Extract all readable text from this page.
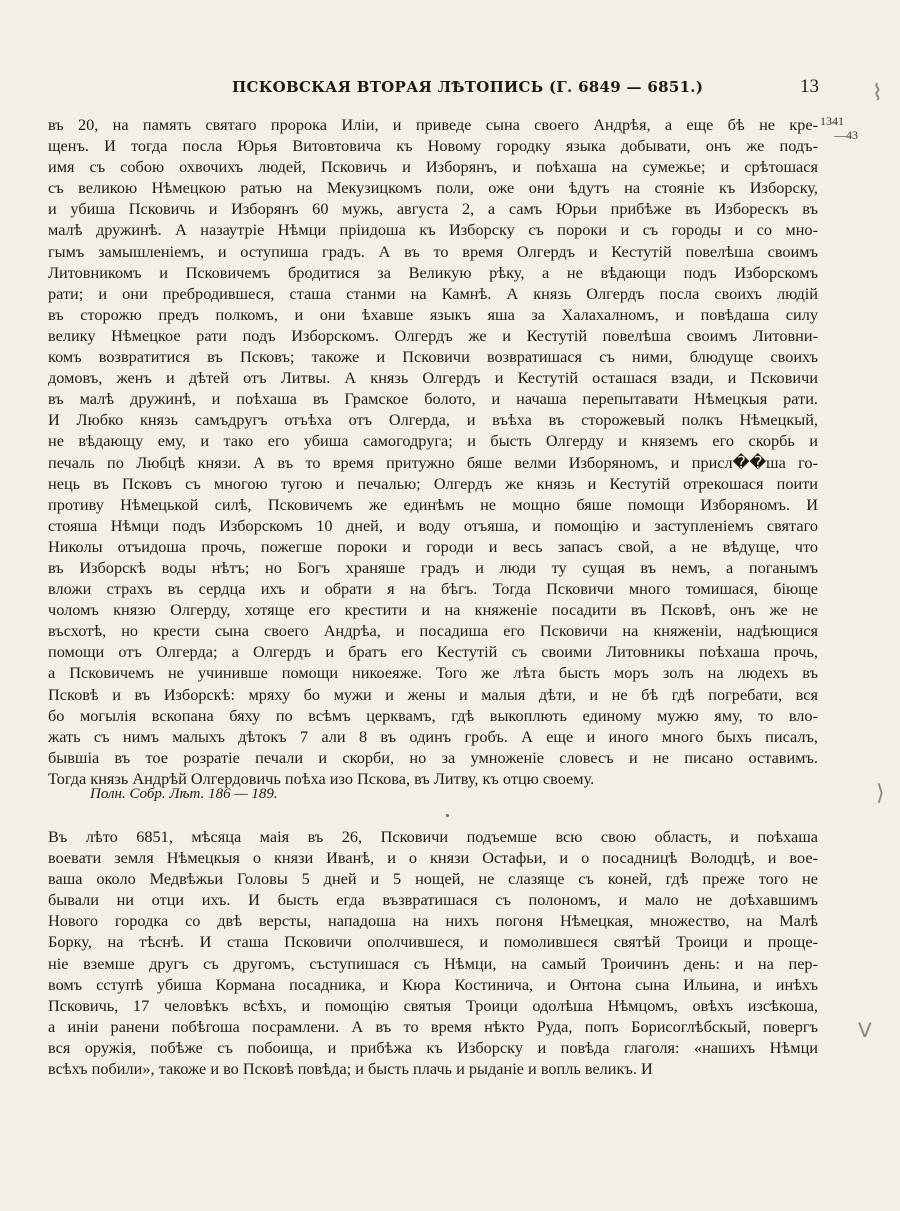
ПСКОВСКАЯ ВТОРАЯ ЛѢТОПИСЬ (Г. 6849 — 6851.)	13
1341
—43
въ 20, на память святаго пророка Иліи, и приведе сына своего Андрѣя, а еще бѣ не кре-
щенъ. И тогда посла Юрья Витовтовича къ Новому городку языка добывати, онъ же подъ-
имя съ собою охвочихъ людей, Псковичь и Изборянъ, и поѣхаша на сумежье; и срѣтошася
съ великою Нѣмецкою ратью на Мекузицкомъ поли, оже они ѣдутъ на стояніе къ Изборску,
и убиша Псковичь и Изборянъ 60 мужь, августа 2, а самъ Юрьи прибѣже въ Изборескъ въ
малѣ дружинѣ. А назаутріе Нѣмци пріидоша къ Изборску съ пороки и съ городы и со мно-
гымъ замышленіемъ, и оступиша градъ. А въ то время Олгердъ и Кестутій повелѣша своимъ
Литовникомъ и Псковичемъ бродитися за Великую рѣку, а не вѣдающи подъ Изборскомъ
рати; и они пребродившеся, сташа станми на Камнѣ. А князь Олгердъ посла своихъ людій
въ сторожю предъ полкомъ, и они ѣхавше языкъ яша за Халахалномъ, и повѣдаша силу
велику Нѣмецкое рати подъ Изборскомъ. Олгердъ же и Кестутій повелѣша своимъ Литовни-
комъ возвратитися въ Псковъ; такоже и Псковичи возвратишася съ ними, блюдуще своихъ
домовъ, женъ и дѣтей отъ Литвы. А князь Олгердъ и Кестутій осташася взади, и Псковичи
въ малѣ дружинѣ, и поѣхаша въ Грамское болото, и начаша перепытавати Нѣмецкыя рати.
И Любко князь самъдругъ отъѣха отъ Олгерда, и въѣха въ сторожевый полкъ Нѣмецкый,
не вѣдающу ему, и тако его убиша самогодруга; и бысть Олгерду и княземъ его скорбь и
печаль по Любцѣ князи. А въ то время притужно бяше велми Изборяномъ, и присл��ша го-
нець въ Псковъ съ многою тугою и печалью; Олгердъ же князь и Кестутій отрекошася поити
противу Нѣмецькой силѣ, Псковичемъ же единѣмъ не мощно бяше помощи Изборяномъ. И
стояша Нѣмци подъ Изборскомъ 10 дней, и воду отъяша, и помощію и заступленіемъ святаго
Николы отъидоша прочь, пожегше пороки и городи и весь запасъ свой, а не вѣдуще, что
въ Изборскѣ воды нѣтъ; но Богъ храняше градъ и люди ту сущая въ немъ, а поганымъ
вложи страхъ въ сердца ихъ и обрати я на бѣгъ. Тогда Псковичи много томишася, біюще
чоломъ князю Олгерду, хотяще его крестити и на княженіе посадити въ Псковѣ, онъ же не
въсхотѣ, но крести сына своего Андрѣа, и посадиша его Псковичи на княженіи, надѣющися
помощи отъ Олгерда; а Олгердъ и братъ его Кестутій съ своими Литовникы поѣхаша прочь,
а Псковичемъ не учинивше помощи никоеяже. Того же лѣта бысть моръ золъ на людехъ въ
Псковѣ и въ Изборскѣ: мряху бо мужи и жены и малыя дѣти, и не бѣ гдѣ погребати, вся
бо могылія вскопана бяху по всѣмъ церквамъ, гдѣ выкоплють единому мужю яму, то вло-
жать съ нимъ малыхъ дѣтокъ 7 али 8 въ одинъ гробъ. А еще и иного много быхъ писалъ,
бывшіа въ тое розратіе печали и скорби, но за умноженіе словесъ и не писано оставимъ.
Тогда князь Андрѣй Олгердовичь поѣха изо Пскова, въ Литву, къ отцю своему.
Полн. Собр. Лѣт. 186 — 189.
Въ лѣто 6851, мѣсяца маія въ 26, Псковичи подъемше всю свою область, и поѣхаша
воевати земля Нѣмецкыя о князи Иванѣ, и о князи Остафьи, и о посадницѣ Володцѣ, и вое-
ваша около Медвѣжьи Головы 5 дней и 5 нощей, не слазяще съ коней, гдѣ преже того не
бывали ни отци ихъ. И бысть егда възвратишася съ полономъ, и мало не доѣхавшимъ
Нового городка со двѣ версты, нападоша на нихъ погоня Нѣмецкая, множество, на Малѣ
Борку, на тѣснѣ. И сташа Псковичи ополчившеся, и помолившеся святѣй Троици и проще-
ніе вземше другъ съ другомъ, съступишася съ Нѣмци, на самый Троичинъ день: и на пер-
вомъ сступѣ убиша Кормана посадника, и Кюра Костинича, и Онтона сына Ильина, и инѣхъ
Псковичь, 17 человѣкъ всѣхъ, и помощію святыя Троици одолѣша Нѣмцомъ, овѣхъ изсѣкоша,
а иніи ранени побѣгоша посрамлени. А въ то время нѣкто Руда, попъ Борисоглѣбскый, повергъ
вся оружія, побѣже съ побоища, и прибѣжа къ Изборску и повѣда глаголя: «нашихъ Нѣмци
всѣхъ побили», такоже и во Псковѣ повѣда; и бысть плачь и рыданіе и вопль великъ. И
⌇
⟩
ᐯ
